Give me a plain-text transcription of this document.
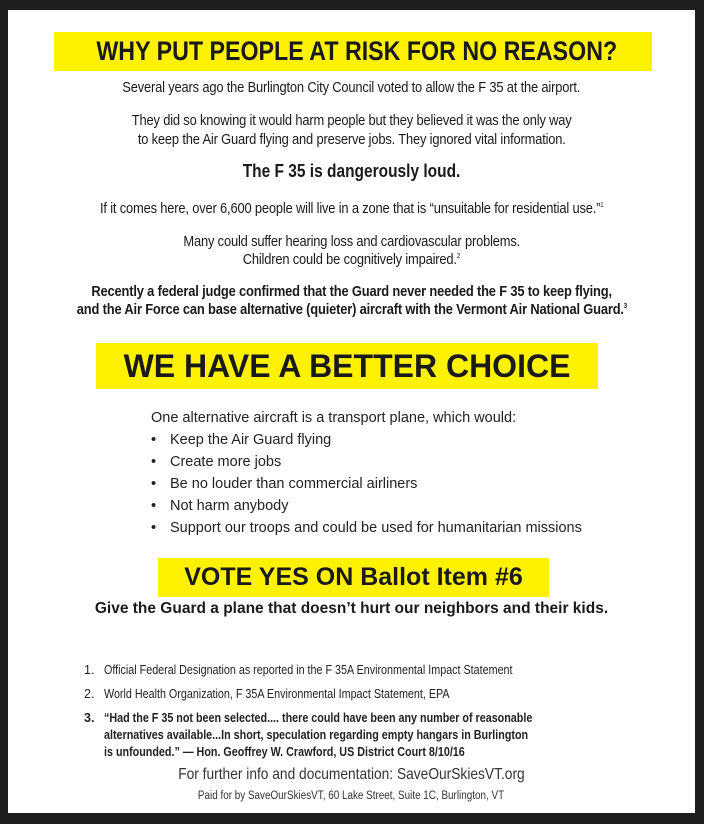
WHY PUT PEOPLE AT RISK FOR NO REASON?
Several years ago the Burlington City Council voted to allow the F 35 at the airport.
They did so knowing it would harm people but they believed it was the only way
to keep the Air Guard flying and preserve jobs. They ignored vital information.
The F 35 is dangerously loud.
If it comes here, over 6,600 people will live in a zone that is “unsuitable for residential use.”$^1$
Many could suffer hearing loss and cardiovascular problems.
Children could be cognitively impaired.$^2$
Recently a federal judge confirmed that the Guard never needed the F 35 to keep flying,
and the Air Force can base alternative (quieter) aircraft with the Vermont Air National Guard.$^3$
WE HAVE A BETTER CHOICE
One alternative aircraft is a transport plane, which would:
• Keep the Air Guard flying
• Create more jobs
• Be no louder than commercial airliners
• Not harm anybody
• Support our troops and could be used for humanitarian missions
VOTE YES ON Ballot Item #6
Give the Guard a plane that doesn’t hurt our neighbors and their kids.
1. Official Federal Designation as reported in the F 35A Environmental Impact Statement
2. World Health Organization, F 35A Environmental Impact Statement, EPA
3. “Had the F 35 not been selected.... there could have been any number of reasonable
alternatives available...In short, speculation regarding empty hangars in Burlington
is unfounded.” — Hon. Geoffrey W. Crawford, US District Court 8/10/16
For further info and documentation: SaveOurSkiesVT.org
Paid for by SaveOurSkiesVT, 60 Lake Street, Suite 1C, Burlington, VT
